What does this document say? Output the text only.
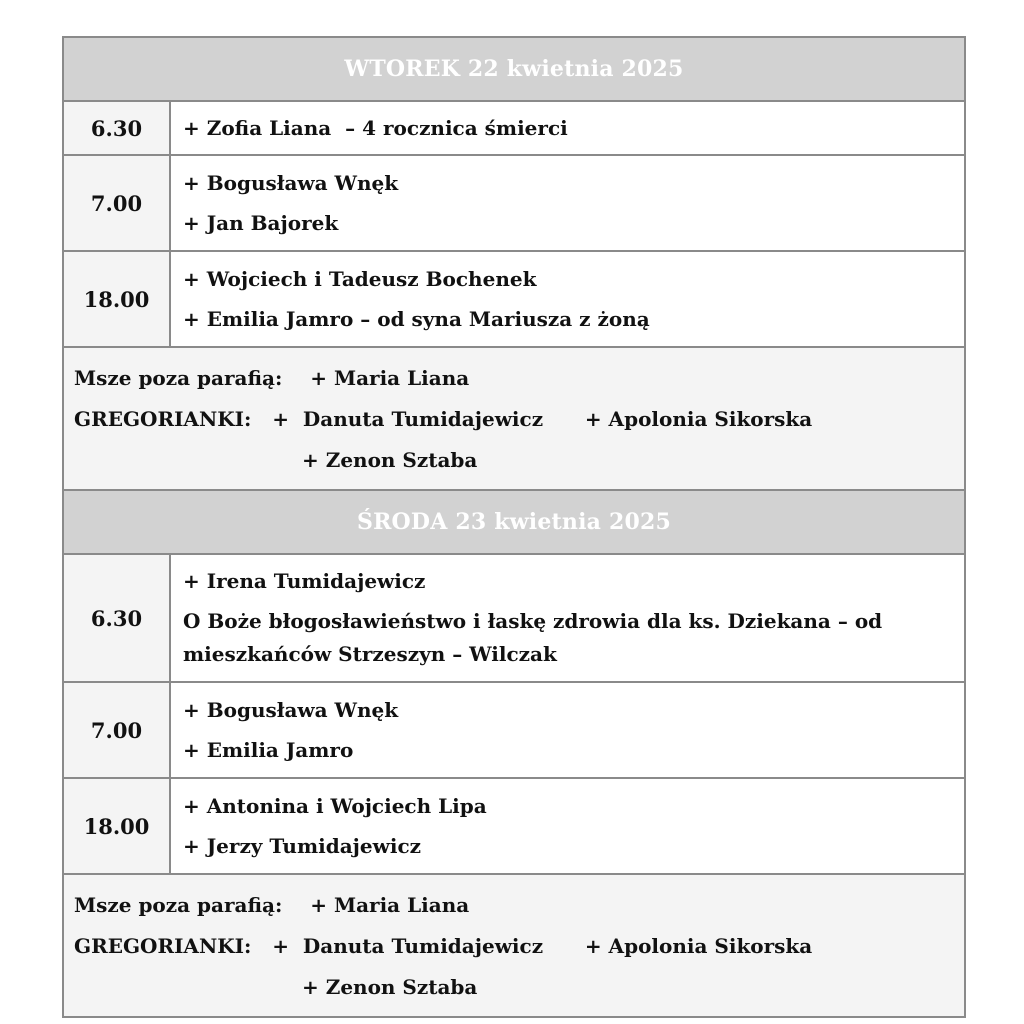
WTOREK 22 kwietnia 2025
6.30	+ Zofia Liana  – 4 rocznica śmierci
7.00
+ Bogusława Wnęk
+ Jan Bajorek
18.00
+ Wojciech i Tadeusz Bochenek
+ Emilia Jamro – od syna Mariusza z żoną
Msze poza parafią:    + Maria Liana
GREGORIANKI:   +  Danuta Tumidajewicz      + Apolonia Sikorska
+ Zenon Sztaba
ŚRODA 23 kwietnia 2025
6.30
+ Irena Tumidajewicz
O Boże błogosławieństwo i łaskę zdrowia dla ks. Dziekana – od mieszkańców Strzeszyn – Wilczak
7.00
+ Bogusława Wnęk
+ Emilia Jamro
18.00
+ Antonina i Wojciech Lipa
+ Jerzy Tumidajewicz
Msze poza parafią:    + Maria Liana
GREGORIANKI:   +  Danuta Tumidajewicz      + Apolonia Sikorska
+ Zenon Sztaba
